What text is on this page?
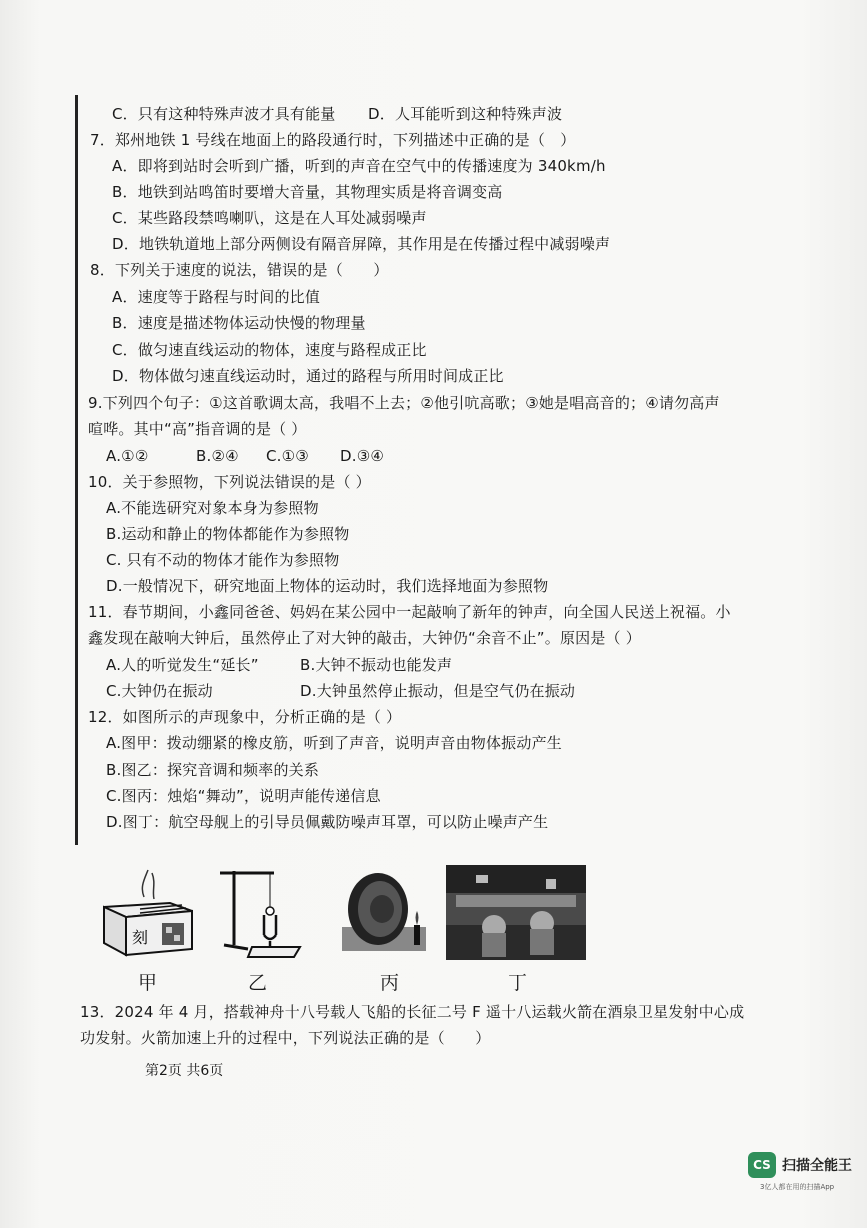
C．只有这种特殊声波才具有能量 D．人耳能听到这种特殊声波
7．郑州地铁 1 号线在地面上的路段通行时，下列描述中正确的是（　）
A．即将到站时会听到广播，听到的声音在空气中的传播速度为 340km/h
B．地铁到站鸣笛时要增大音量，其物理实质是将音调变高
C．某些路段禁鸣喇叭，这是在人耳处减弱噪声
D．地铁轨道地上部分两侧设有隔音屏障，其作用是在传播过程中减弱噪声
8．下列关于速度的说法，错误的是（　　）
A．速度等于路程与时间的比值
B．速度是描述物体运动快慢的物理量
C．做匀速直线运动的物体，速度与路程成正比
D．物体做匀速直线运动时，通过的路程与所用时间成正比
9.下列四个句子：①这首歌调太高，我唱不上去；②他引吭高歌；③她是唱高音的；④请勿高声
喧哗。其中“高”指音调的是（ ）
A.①②	B.②④ C.①③ D.③④
10．关于参照物，下列说法错误的是（ ）
A.不能选研究对象本身为参照物
B.运动和静止的物体都能作为参照物
C. 只有不动的物体才能作为参照物
D.一般情况下，研究地面上物体的运动时，我们选择地面为参照物
11．春节期间，小鑫同爸爸、妈妈在某公园中一起敲响了新年的钟声，向全国人民送上祝福。小
鑫发现在敲响大钟后，虽然停止了对大钟的敲击，大钟仍“余音不止”。原因是（ ）
A.人的听觉发生“延长”	B.大钟不振动也能发声
C.大钟仍在振动	D.大钟虽然停止振动，但是空气仍在振动
12．如图所示的声现象中，分析正确的是（ ）
A.图甲：拨动绷紧的橡皮筋，听到了声音，说明声音由物体振动产生
B.图乙：探究音调和频率的关系
C.图丙：烛焰“舞动”，说明声能传递信息
D.图丁：航空母舰上的引导员佩戴防噪声耳罩，可以防止噪声产生
刻
甲	乙	丙	丁
13．2024 年 4 月，搭载神舟十八号载人飞船的长征二号 F 遥十八运载火箭在酒泉卫星发射中心成
功发射。火箭加速上升的过程中，下列说法正确的是（　　）
第2页 共6页
CS 扫描全能王
3亿人都在用的扫描App
